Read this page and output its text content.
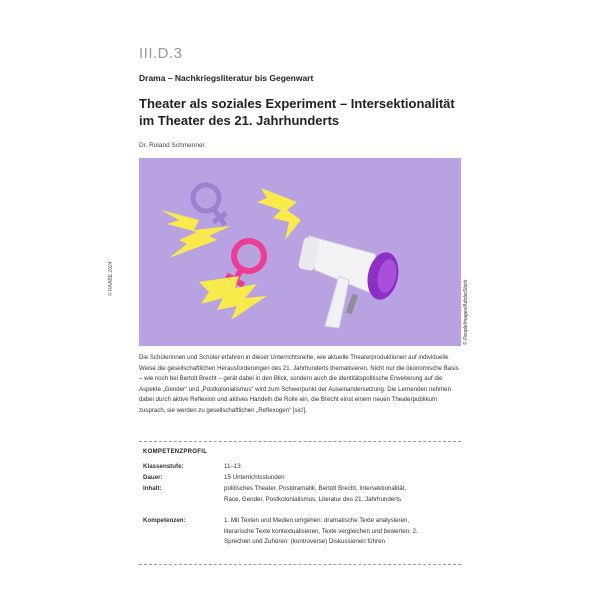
III.D.3
Drama – Nachkriegsliteratur bis Gegenwart
Theater als soziales Experiment – Intersektionalität im Theater des 21. Jahrhunderts
Dr. Roland Schmenner
© RAABE 2024
© PeopleImages/AdobeStock

Die Schülerinnen und Schüler erfahren in dieser Unterrichtsreihe, wie aktuelle Theaterproduktionen auf individuelle Weise die gesellschaftlichen Herausforderungen des 21. Jahrhunderts thematisieren. Nicht nur die ökonomische Basis – wie noch bei Bertolt Brecht – gerät dabei in den Blick, sondern auch die identitätspolitische Erweiterung auf die Aspekte „Gender“ und „Postkolonialismus“ wird zum Schwerpunkt der Auseinandersetzung. Die Lernenden nehmen dabei durch aktive Reflexion und aktives Handeln die Rolle ein, die Brecht einst einem neuen Theaterpublikum zusprach, sie werden zu gesellschaftlichen „Reflexogen“ [sic!].

KOMPETENZPROFIL
Klassenstufe:	11–13
Dauer:	15 Unterrichtsstunden
Inhalt:	politisches Theater, Postdramatik, Bertolt Brecht, Intersektionalität, Race, Gender, Postkolonialismus, Literatur des 21. Jahrhunderts
Kompetenzen:	1. Mit Texten und Medien umgehen: dramatische Texte analysieren, literarische Texte kontextualisieren, Texte vergleichen und bewerten; 2. Sprechen und Zuhören: (kontroverse) Diskussionen führen
